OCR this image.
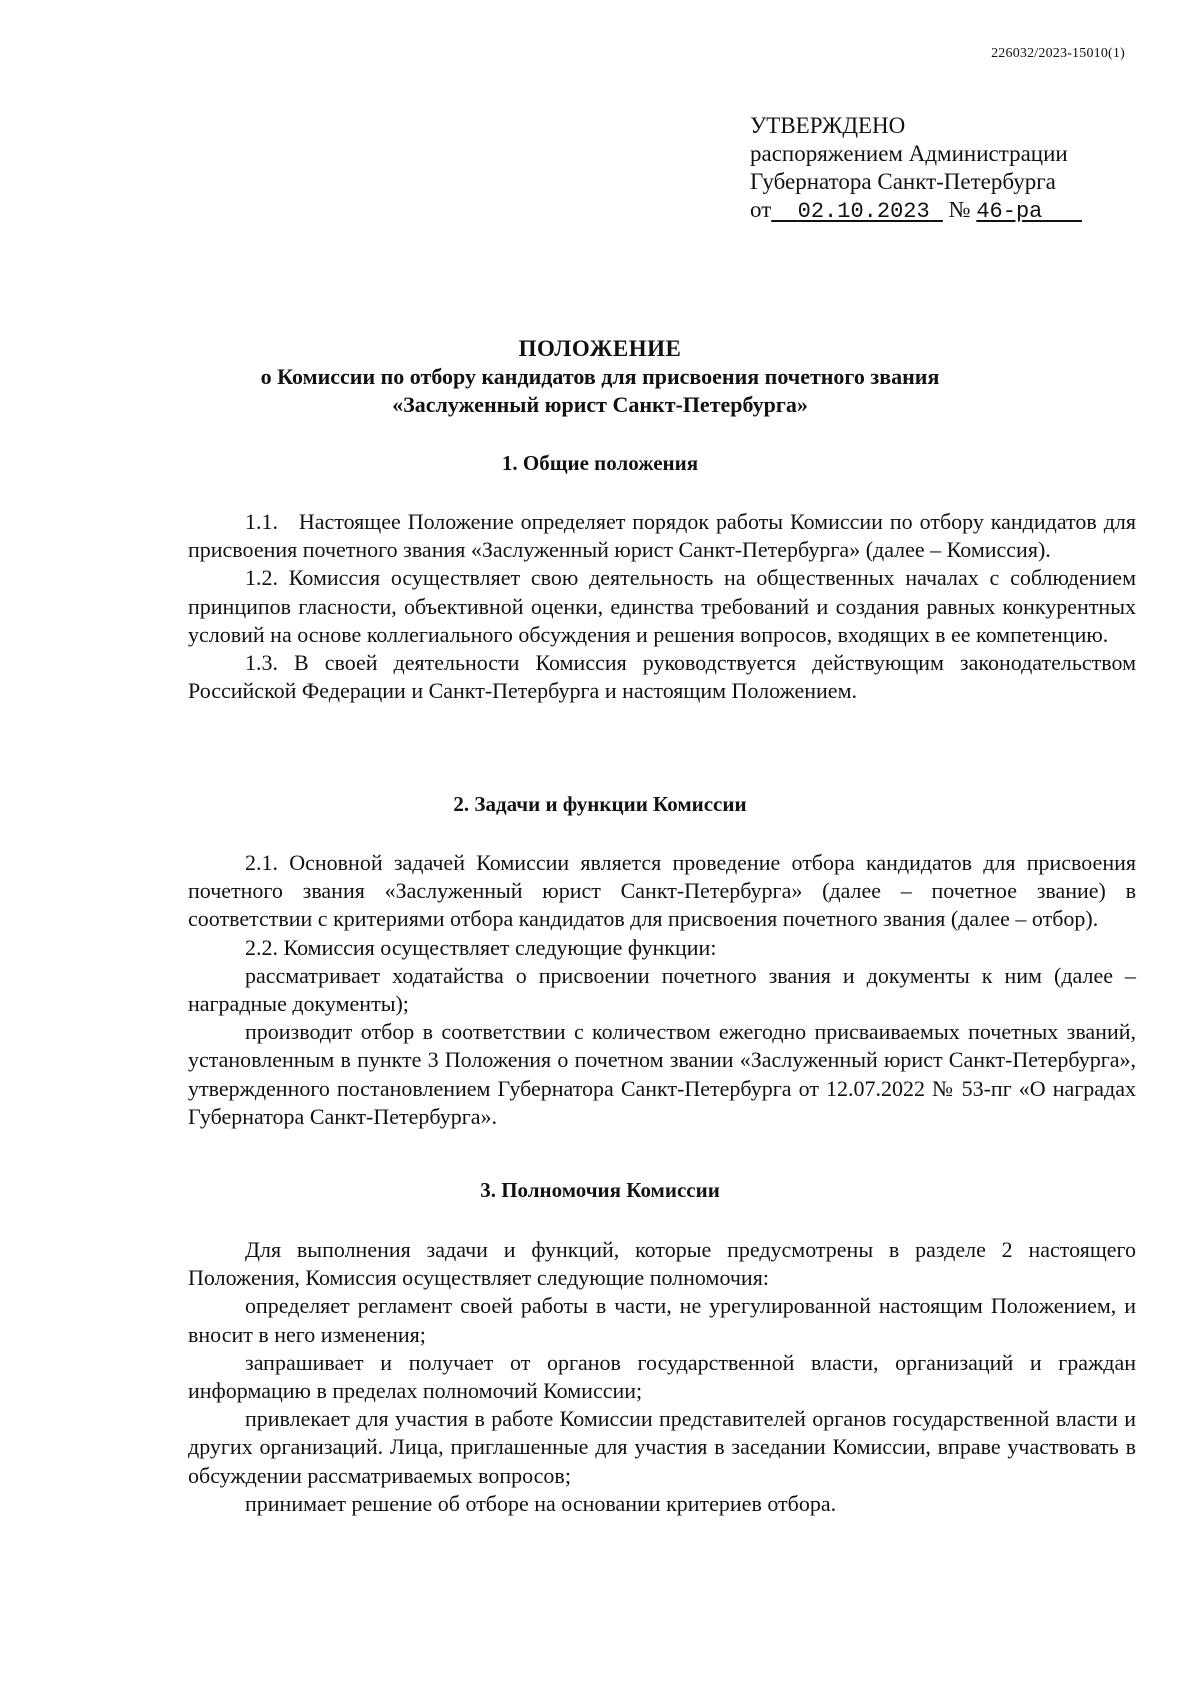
226032/2023-15010(1)
УТВЕРЖДЕНО
распоряжением Администрации
Губернатора Санкт-Петербурга
от 02.10.2023 № 46-ра
ПОЛОЖЕНИЕ
о Комиссии по отбору кандидатов для присвоения почетного звания
«Заслуженный юрист Санкт-Петербурга»
1. Общие положения

1.1.   Настоящее Положение определяет порядок работы Комиссии по отбору кандидатов для присвоения почетного звания «Заслуженный юрист Санкт-Петербурга» (далее – Комиссия).

1.2. Комиссия осуществляет свою деятельность на общественных началах с соблюдением принципов гласности, объективной оценки, единства требований и создания равных конкурентных условий на основе коллегиального обсуждения и решения вопросов, входящих в ее компетенцию.

1.3. В своей деятельности Комиссия руководствуется действующим законодательством Российской Федерации и Санкт-Петербурга и настоящим Положением.

2. Задачи и функции Комиссии

2.1. Основной задачей Комиссии является проведение отбора кандидатов для присвоения почетного звания «Заслуженный юрист Санкт-Петербурга» (далее – почетное звание) в соответствии с критериями отбора кандидатов для присвоения почетного звания (далее – отбор).

2.2. Комиссия осуществляет следующие функции:

рассматривает ходатайства о присвоении почетного звания и документы к ним (далее – наградные документы);

производит отбор в соответствии с количеством ежегодно присваиваемых почетных званий, установленным в пункте 3 Положения о почетном звании «Заслуженный юрист Санкт-Петербурга», утвержденного постановлением Губернатора Санкт-Петербурга от 12.07.2022 № 53-пг «О наградах Губернатора Санкт-Петербурга».

3. Полномочия Комиссии

Для выполнения задачи и функций, которые предусмотрены в разделе 2 настоящего Положения, Комиссия осуществляет следующие полномочия:

определяет регламент своей работы в части, не урегулированной настоящим Положением, и вносит в него изменения;

запрашивает и получает от органов государственной власти, организаций и граждан информацию в пределах полномочий Комиссии;

привлекает для участия в работе Комиссии представителей органов государственной власти и других организаций. Лица, приглашенные для участия в заседании Комиссии, вправе участвовать в обсуждении рассматриваемых вопросов;

принимает решение об отборе на основании критериев отбора.
